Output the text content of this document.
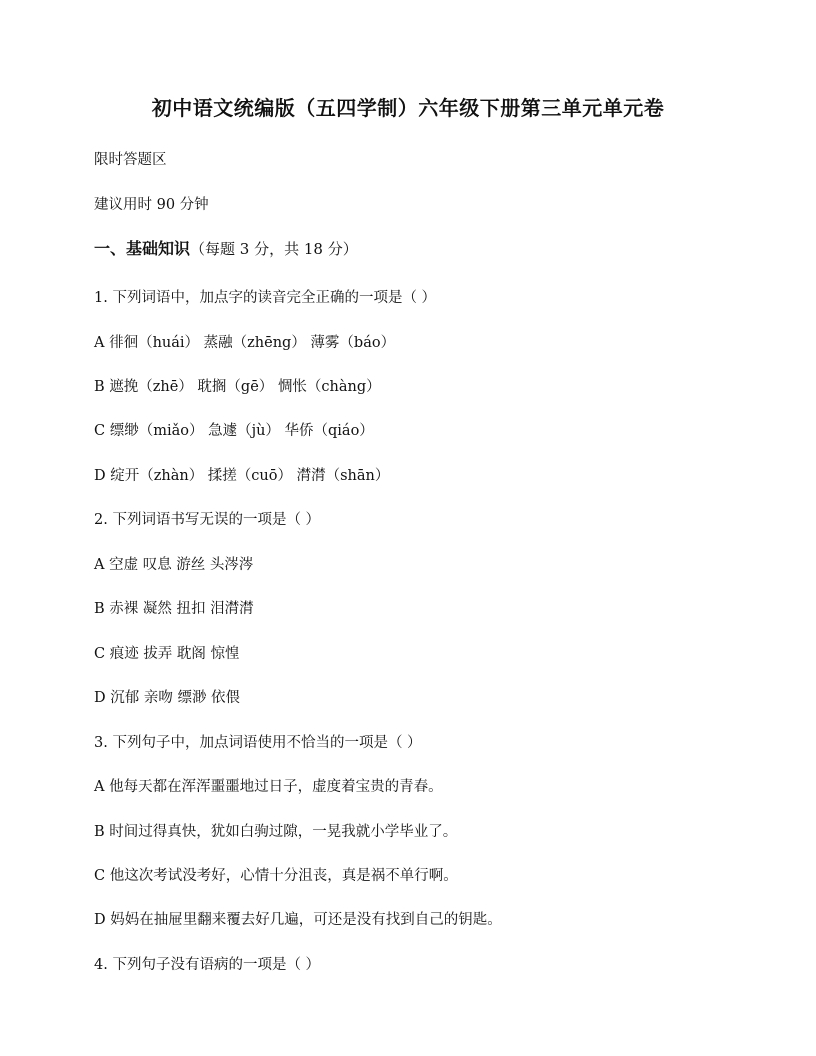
初中语文统编版（五四学制）六年级下册第三单元单元卷
限时答题区
建议用时 90 分钟
一、基础知识（每题 3 分，共 18 分）
1. 下列词语中，加点字的读音完全正确的一项是（ ）
A 徘徊（huái） 蒸融（zhēng） 薄雾（báo）
B 遮挽（zhē） 耽搁（gē） 惆怅（chàng）
C 缥缈（miǎo） 急遽（jù） 华侨（qiáo）
D 绽开（zhàn） 揉搓（cuō） 潸潸（shān）
2. 下列词语书写无误的一项是（ ）
A 空虚 叹息 游丝 头涔涔
B 赤裸 凝然 扭扣 泪潸潸
C 痕迹 拔弄 耽阁 惊惶
D 沉郁 亲吻 缥渺 依偎
3. 下列句子中，加点词语使用不恰当的一项是（ ）
A 他每天都在浑浑噩噩地过日子，虚度着宝贵的青春。
B 时间过得真快，犹如白驹过隙，一晃我就小学毕业了。
C 他这次考试没考好，心情十分沮丧，真是祸不单行啊。
D 妈妈在抽屉里翻来覆去好几遍，可还是没有找到自己的钥匙。
4. 下列句子没有语病的一项是（ ）
